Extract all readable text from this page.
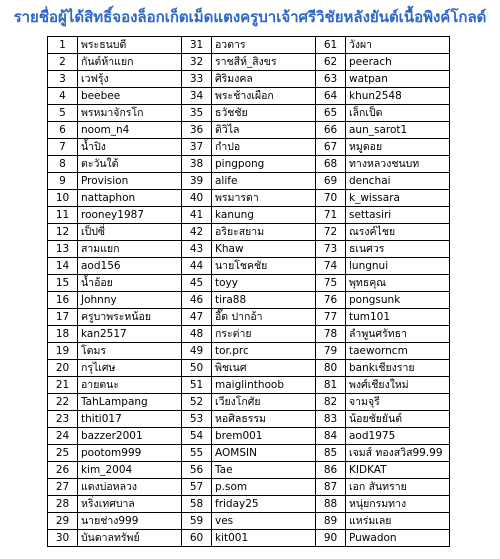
รายชื่อผู้ได้สิทธิ์จองล็อกเก็ตเม็ดแตงครูบาเจ้าศรีวิชัยหลังยันต์เนื้อพิงค์โกลด์
1	พระธนบดี	31	อวตาร	61	วังผา
2	กันต์ห้าแยก	32	ราชสีห์_สิงขร	62	peerach
3	เวฟรุ้ง	33	ศิริมงคล	63	watpan
4	beebee	34	พระช้างเผือก	64	khun2548
5	พรหมาจักรโก	35	ธวัชชัย	65	เล็กเป็ด
6	noom_n4	36	ติวิไล	66	aun_sarot1
7	น้ำปิง	37	กำปอ	67	หมูดอย
8	ตะวันใต้	38	pingpong	68	ทางหลวงชนบท
9	Provision	39	alife	69	denchai
10	nattaphon	40	พรมารดา	70	k_wissara
11	rooney1987	41	kanung	71	settasiri
12	เป็ปซี่	42	อริยะสยาม	72	ณรงค์ไชย
13	สามแยก	43	Khaw	73	ธเนศวร
14	aod156	44	นายโชคชัย	74	lungnui
15	น้ำอ้อย	45	toyy	75	พุทธคุณ
16	Johnny	46	tira88	76	pongsunk
17	ครูบาพระหน้อย	47	อี๊ด ปากอ้า	77	tum101
18	kan2517	48	กระต่าย	78	ลำพูนศรัทธา
19	โตมร	49	tor.prc	79	taeworncm
20	กรุไเศษ	50	พิชเนศ	80	bankเชียงราย
21	อายตนะ	51	maiglinthoob	81	พงศ์เชียงใหม่
22	TahLampang	52	เวียงโกศัย	82	จามจุรี
23	thiti017	53	หอศิลธรรม	83	น้อยชัยยันต์
24	bazzer2001	54	brem001	84	aod1975
25	pootom999	55	AOMSIN	85	เจมส์ ทองสวิส99.99
26	kim_2004	56	Tae	86	KIDKAT
27	แดงบ่อหลวง	57	p.som	87	เอก สันทราย
28	หริ่งเทศบาล	58	friday25	88	หนุ่ยกรมทาง
29	นายช่าง999	59	ves	89	แหร่มเลย
30	บันดาลทรัพย์	60	kit001	90	Puwadon
